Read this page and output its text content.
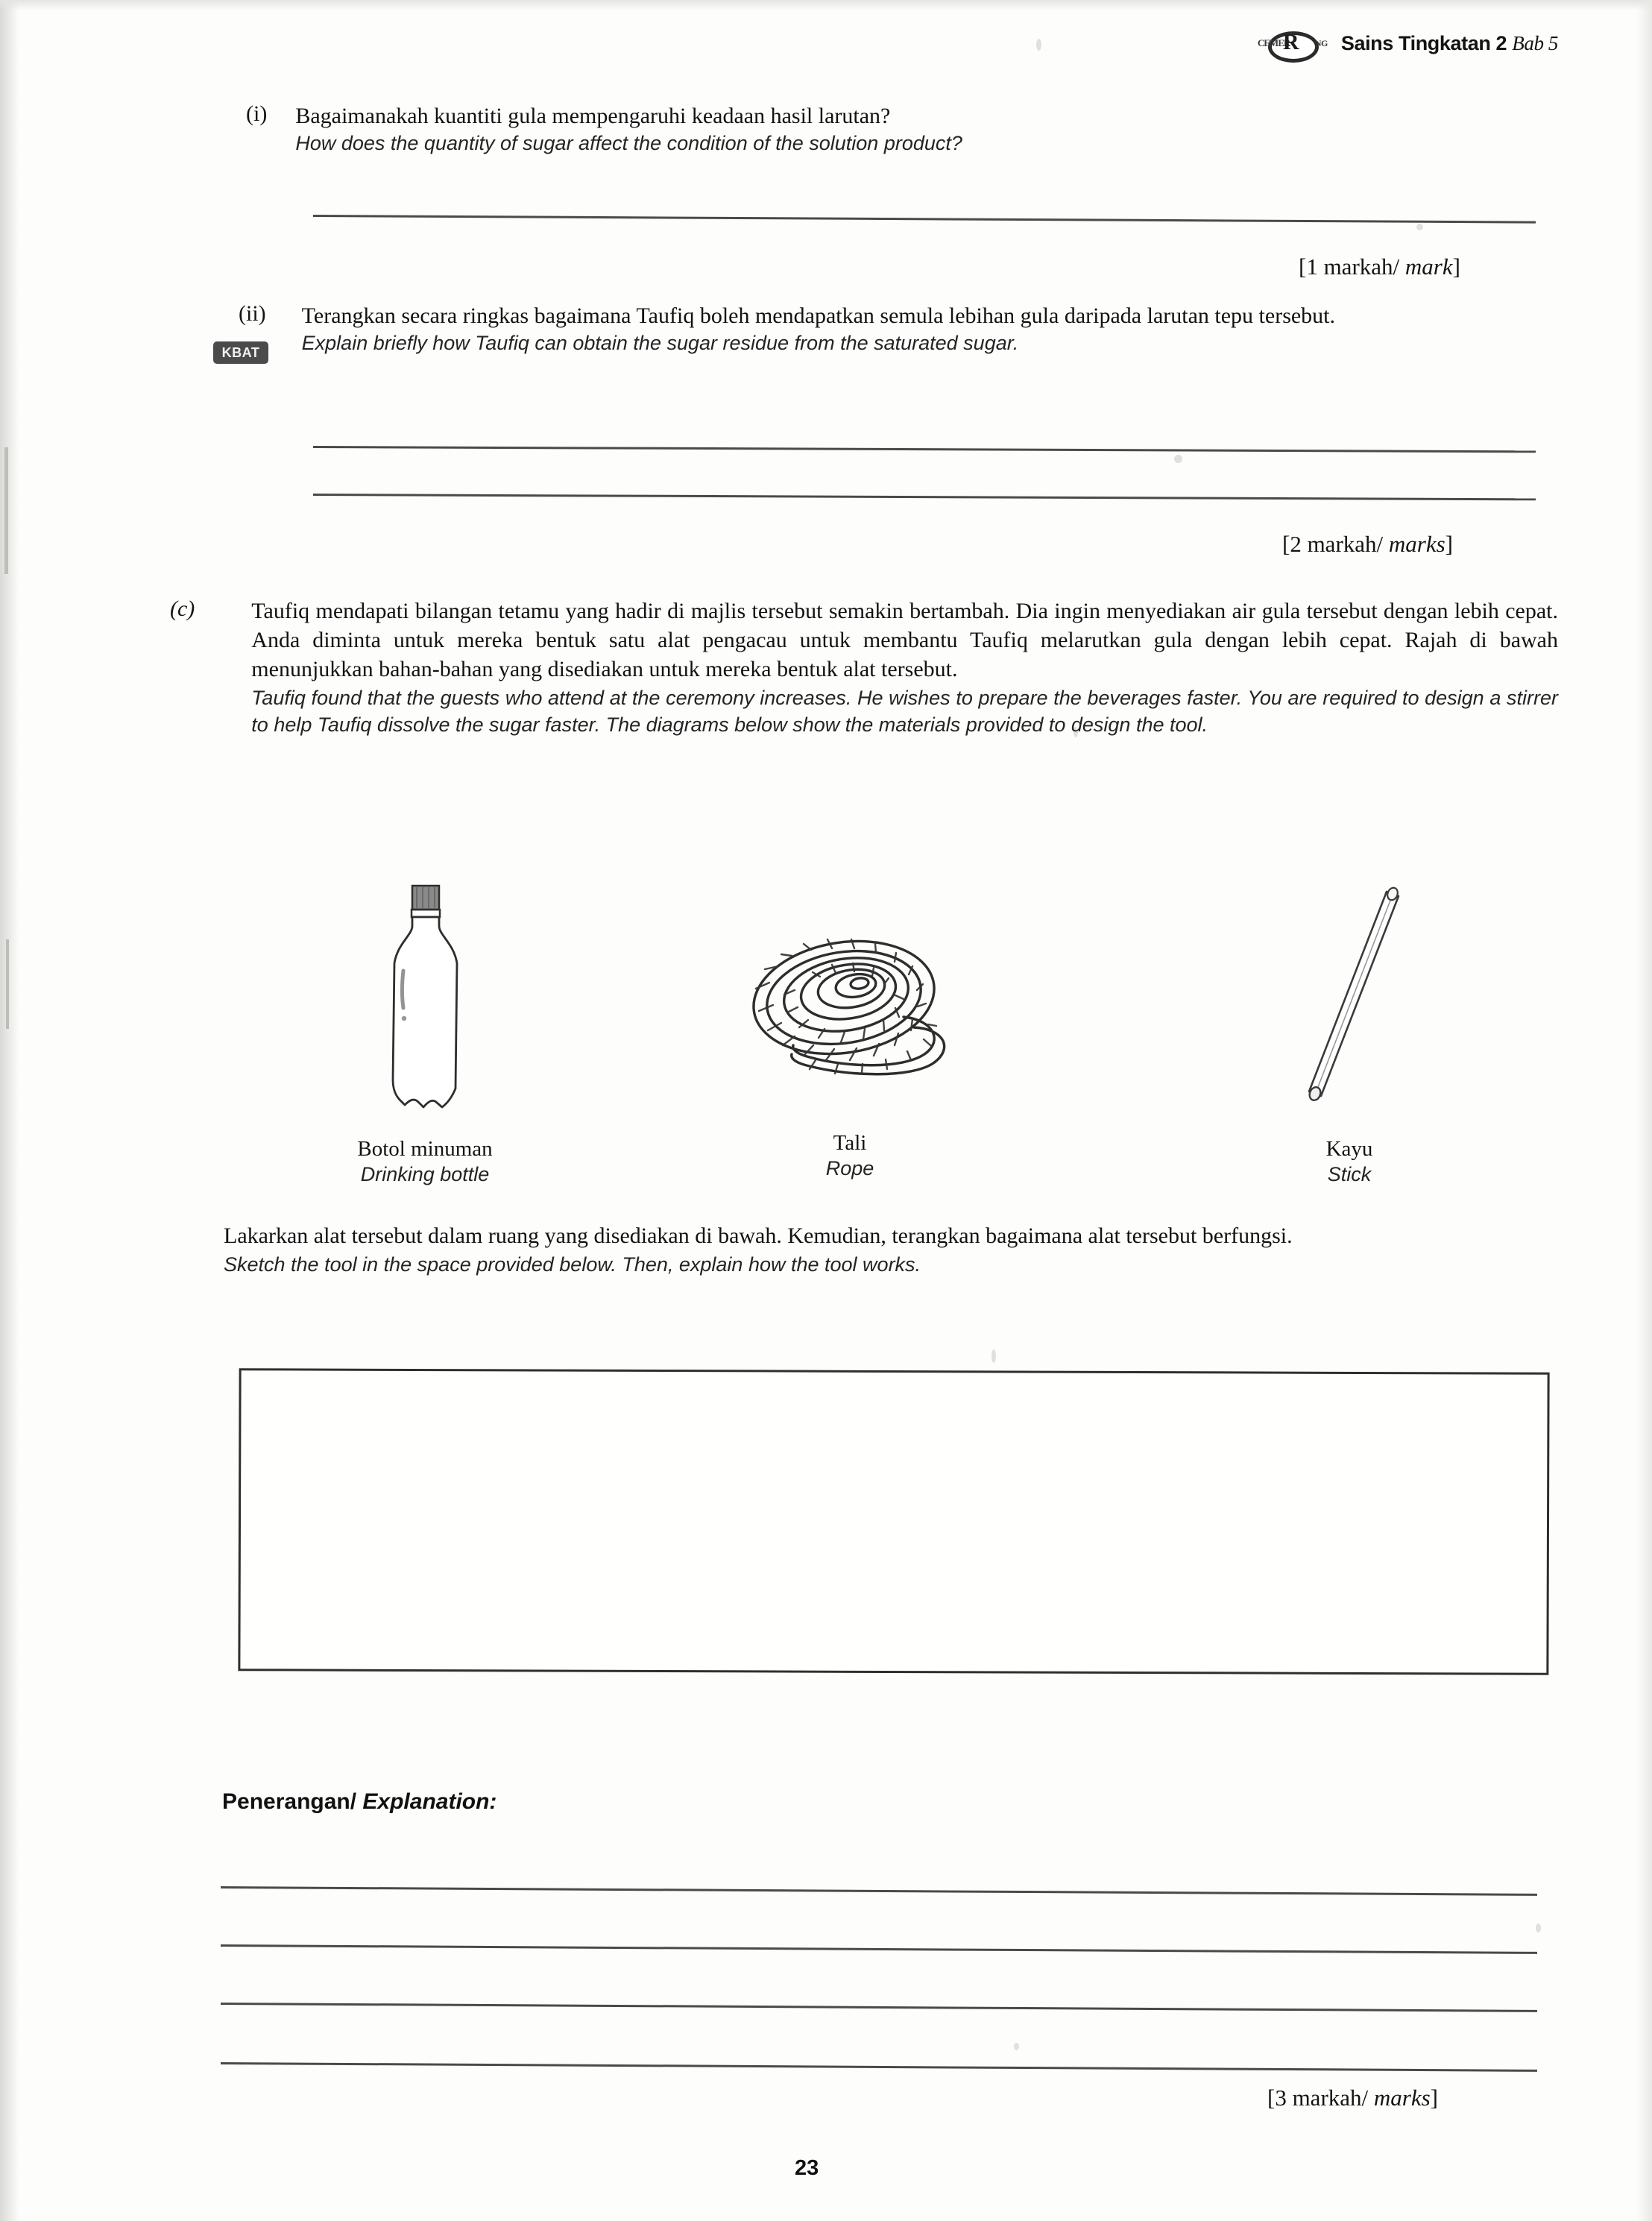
CEMER
R NG Sains Tingkatan 2 Bab 5
(i) Bagaimanakah kuantiti gula mempengaruhi keadaan hasil larutan?
How does the quantity of sugar affect the condition of the solution product?
[1 markah/ mark]
(ii) Terangkan secara ringkas bagaimana Taufiq boleh mendapatkan semula lebihan gula daripada larutan tepu tersebut.
Explain briefly how Taufiq can obtain the sugar residue from the saturated sugar.
KBAT
[2 markah/ marks]
(c)	Taufiq mendapati bilangan tetamu yang hadir di majlis tersebut semakin bertambah. Dia ingin menyediakan air gula tersebut dengan lebih cepat. Anda diminta untuk mereka bentuk satu alat pengacau untuk membantu Taufiq melarutkan gula dengan lebih cepat. Rajah di bawah menunjukkan bahan-bahan yang disediakan untuk mereka bentuk alat tersebut.
Taufiq found that the guests who attend at the ceremony increases. He wishes to prepare the beverages faster. You are required to design a stirrer to help Taufiq dissolve the sugar faster. The diagrams below show the materials provided to design the tool.
Botol minuman
Drinking bottle
Tali
Rope
Kayu
Stick
Lakarkan alat tersebut dalam ruang yang disediakan di bawah. Kemudian, terangkan bagaimana alat tersebut berfungsi.
Sketch the tool in the space provided below. Then, explain how the tool works.
Penerangan/ Explanation:
[3 markah/ marks]
23
